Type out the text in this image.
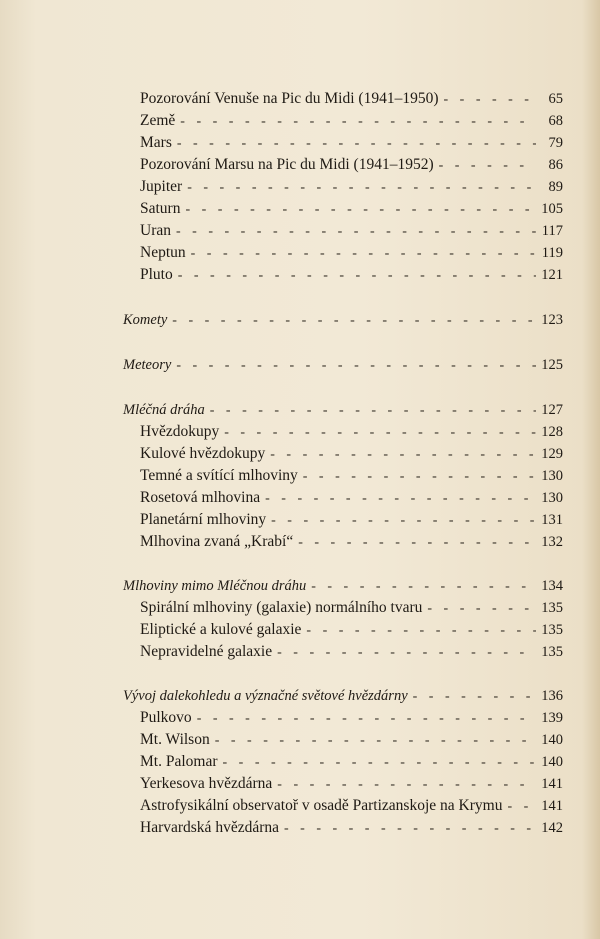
Pozorování Venuše na Pic du Midi (1941–1950) - - -	65
Země - - -	68
Mars - - -	79
Pozorování Marsu na Pic du Midi (1941–1952) - - -	86
Jupiter - - -	89
Saturn - - -	105
Uran - - -	117
Neptun - - -	119
Pluto - - -	121
Komety - - -	123
Meteory - - -	125
Mléčná dráha - - -	127
Hvězdokupy - - -	128
Kulové hvězdokupy - - -	129
Temné a svítící mlhoviny - - -	130
Rosetová mlhovina - - -	130
Planetární mlhoviny - - -	131
Mlhovina zvaná „Krabí“ - - -	132
Mlhoviny mimo Mléčnou dráhu - - -	134
Spirální mlhoviny (galaxie) normálního tvaru - - -	135
Eliptické a kulové galaxie - - -	135
Nepravidelné galaxie - - -	135
Vývoj dalekohledu a význačné světové hvězdárny - - -	136
Pulkovo - - -	139
Mt. Wilson - - -	140
Mt. Palomar - - -	140
Yerkesova hvězdárna - - -	141
Astrofysikální observatoř v osadě Partizanskoje na Krymu - - -	141
Harvardská hvězdárna - - -	142
